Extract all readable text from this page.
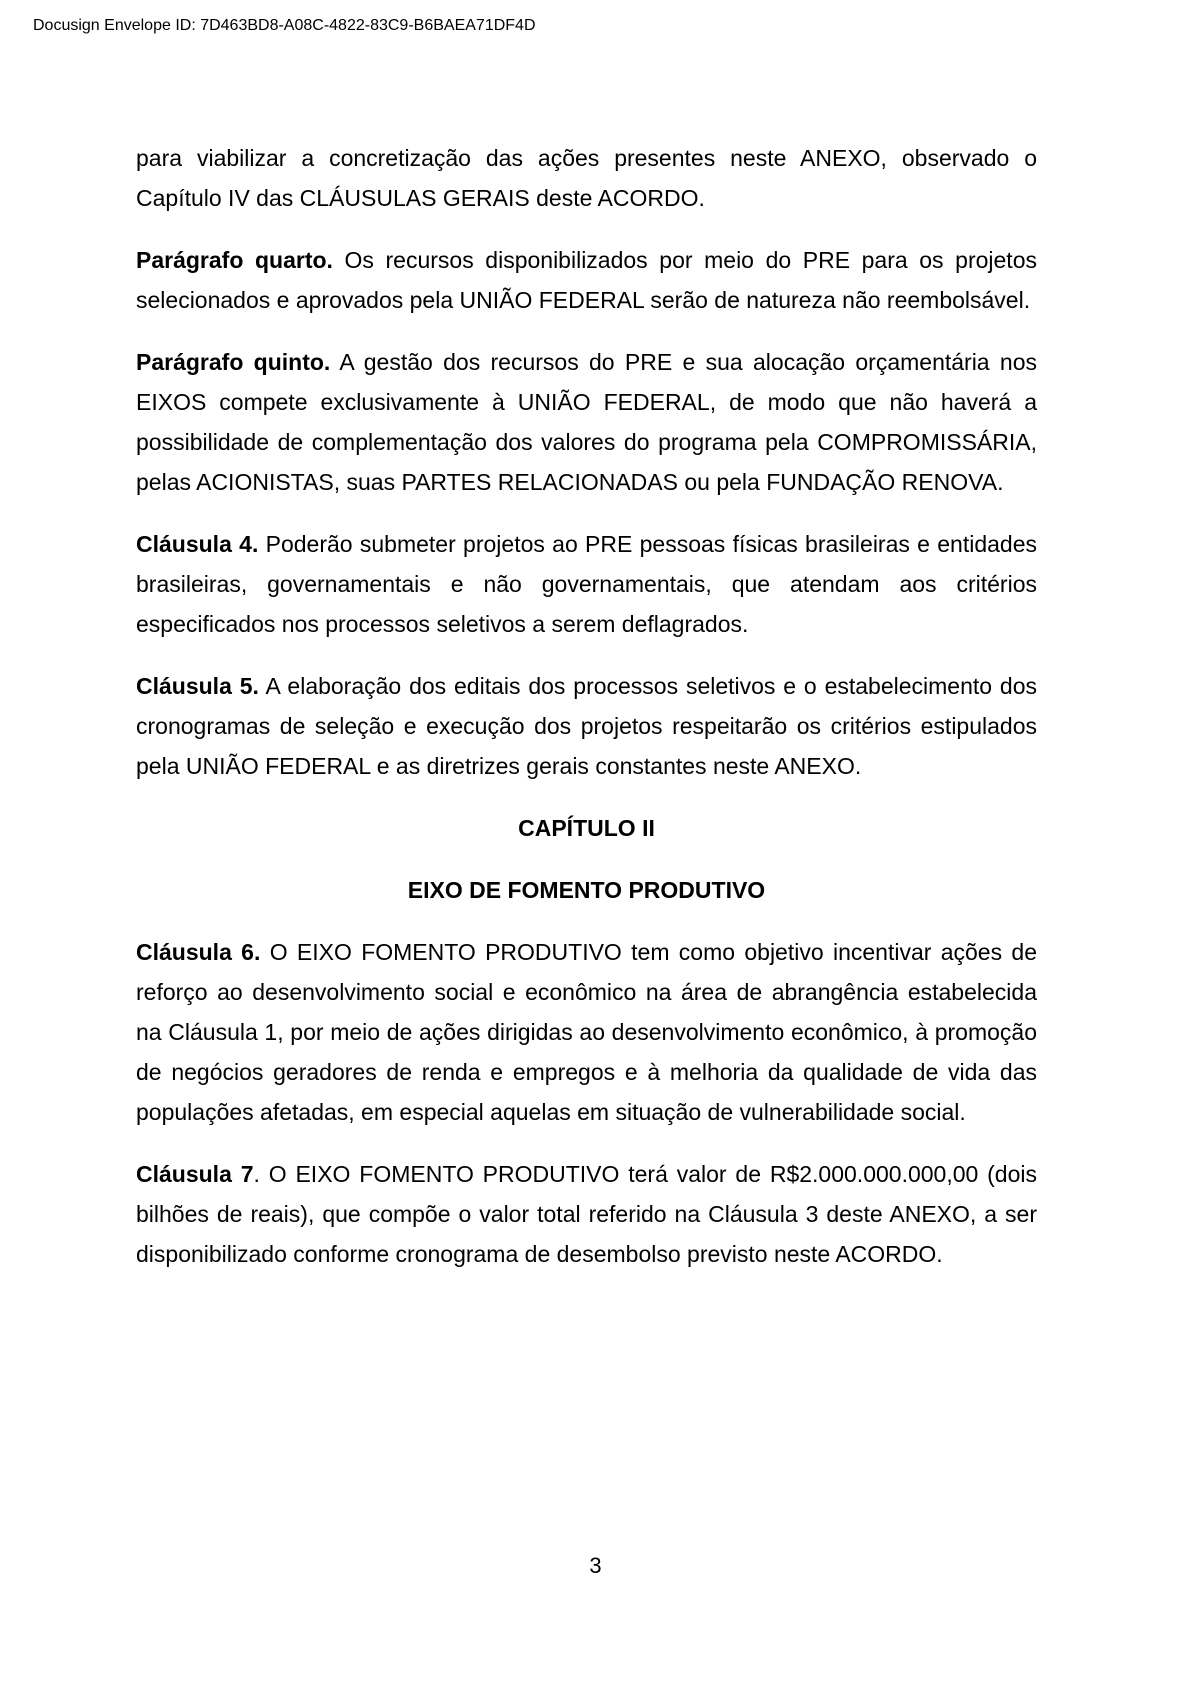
Docusign Envelope ID: 7D463BD8-A08C-4822-83C9-B6BAEA71DF4D

para viabilizar a concretização das ações presentes neste ANEXO, observado o Capítulo IV das CLÁUSULAS GERAIS deste ACORDO.

Parágrafo quarto. Os recursos disponibilizados por meio do PRE para os projetos selecionados e aprovados pela UNIÃO FEDERAL serão de natureza não reembolsável.

Parágrafo quinto. A gestão dos recursos do PRE e sua alocação orçamentária nos EIXOS compete exclusivamente à UNIÃO FEDERAL, de modo que não haverá a possibilidade de complementação dos valores do programa pela COMPROMISSÁRIA, pelas ACIONISTAS, suas PARTES RELACIONADAS ou pela FUNDAÇÃO RENOVA.

Cláusula 4. Poderão submeter projetos ao PRE pessoas físicas brasileiras e entidades brasileiras, governamentais e não governamentais, que atendam aos critérios especificados nos processos seletivos a serem deflagrados.

Cláusula 5. A elaboração dos editais dos processos seletivos e o estabelecimento dos cronogramas de seleção e execução dos projetos respeitarão os critérios estipulados pela UNIÃO FEDERAL e as diretrizes gerais constantes neste ANEXO.

CAPÍTULO II

EIXO DE FOMENTO PRODUTIVO

Cláusula 6. O EIXO FOMENTO PRODUTIVO tem como objetivo incentivar ações de reforço ao desenvolvimento social e econômico na área de abrangência estabelecida na Cláusula 1, por meio de ações dirigidas ao desenvolvimento econômico, à promoção de negócios geradores de renda e empregos e à melhoria da qualidade de vida das populações afetadas, em especial aquelas em situação de vulnerabilidade social.

Cláusula 7. O EIXO FOMENTO PRODUTIVO terá valor de R$2.000.000.000,00 (dois bilhões de reais), que compõe o valor total referido na Cláusula 3 deste ANEXO, a ser disponibilizado conforme cronograma de desembolso previsto neste ACORDO.

3
